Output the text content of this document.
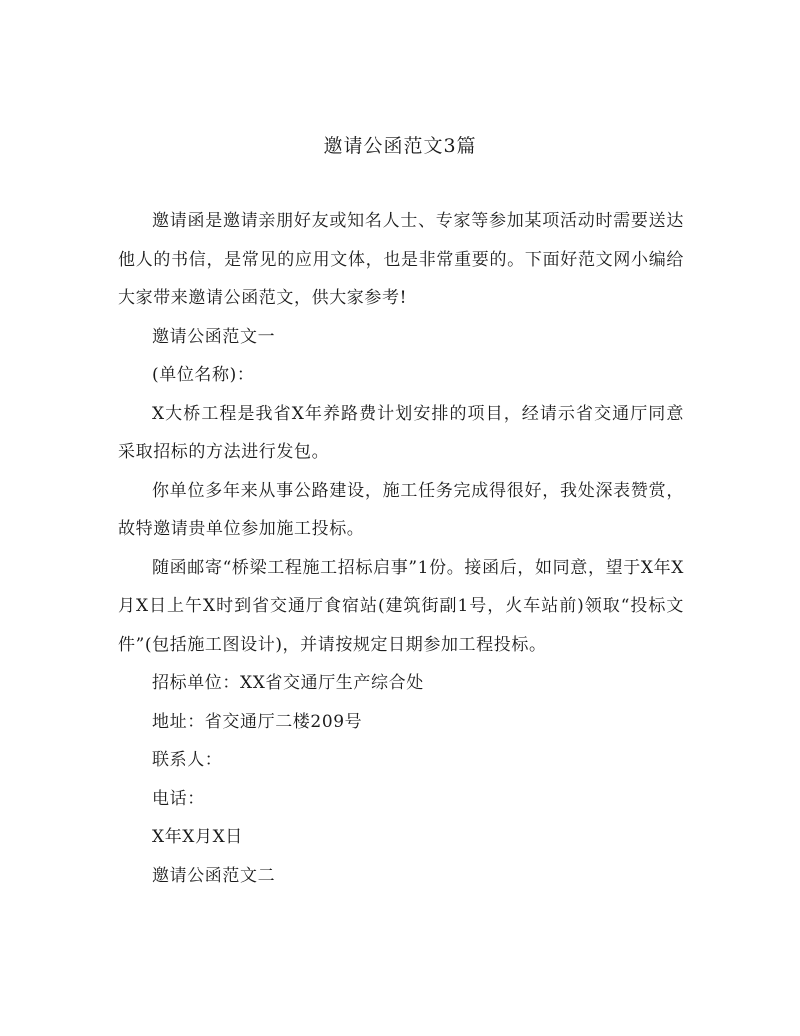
邀请公函范文3篇

邀请函是邀请亲朋好友或知名人士、专家等参加某项活动时需要送达他人的书信，是常见的应用文体，也是非常重要的。下面好范文网小编给大家带来邀请公函范文，供大家参考!

邀请公函范文一

(单位名称)：

X大桥工程是我省X年养路费计划安排的项目，经请示省交通厅同意采取招标的方法进行发包。

你单位多年来从事公路建设，施工任务完成得很好，我处深表赞赏，故特邀请贵单位参加施工投标。

随函邮寄“桥梁工程施工招标启事”1份。接函后，如同意，望于X年X月X日上午X时到省交通厅食宿站(建筑街副1号，火车站前)领取“投标文件”(包括施工图设计)，并请按规定日期参加工程投标。

招标单位：XX省交通厅生产综合处

地址：省交通厅二楼209号

联系人：

电话：

X年X月X日

邀请公函范文二
